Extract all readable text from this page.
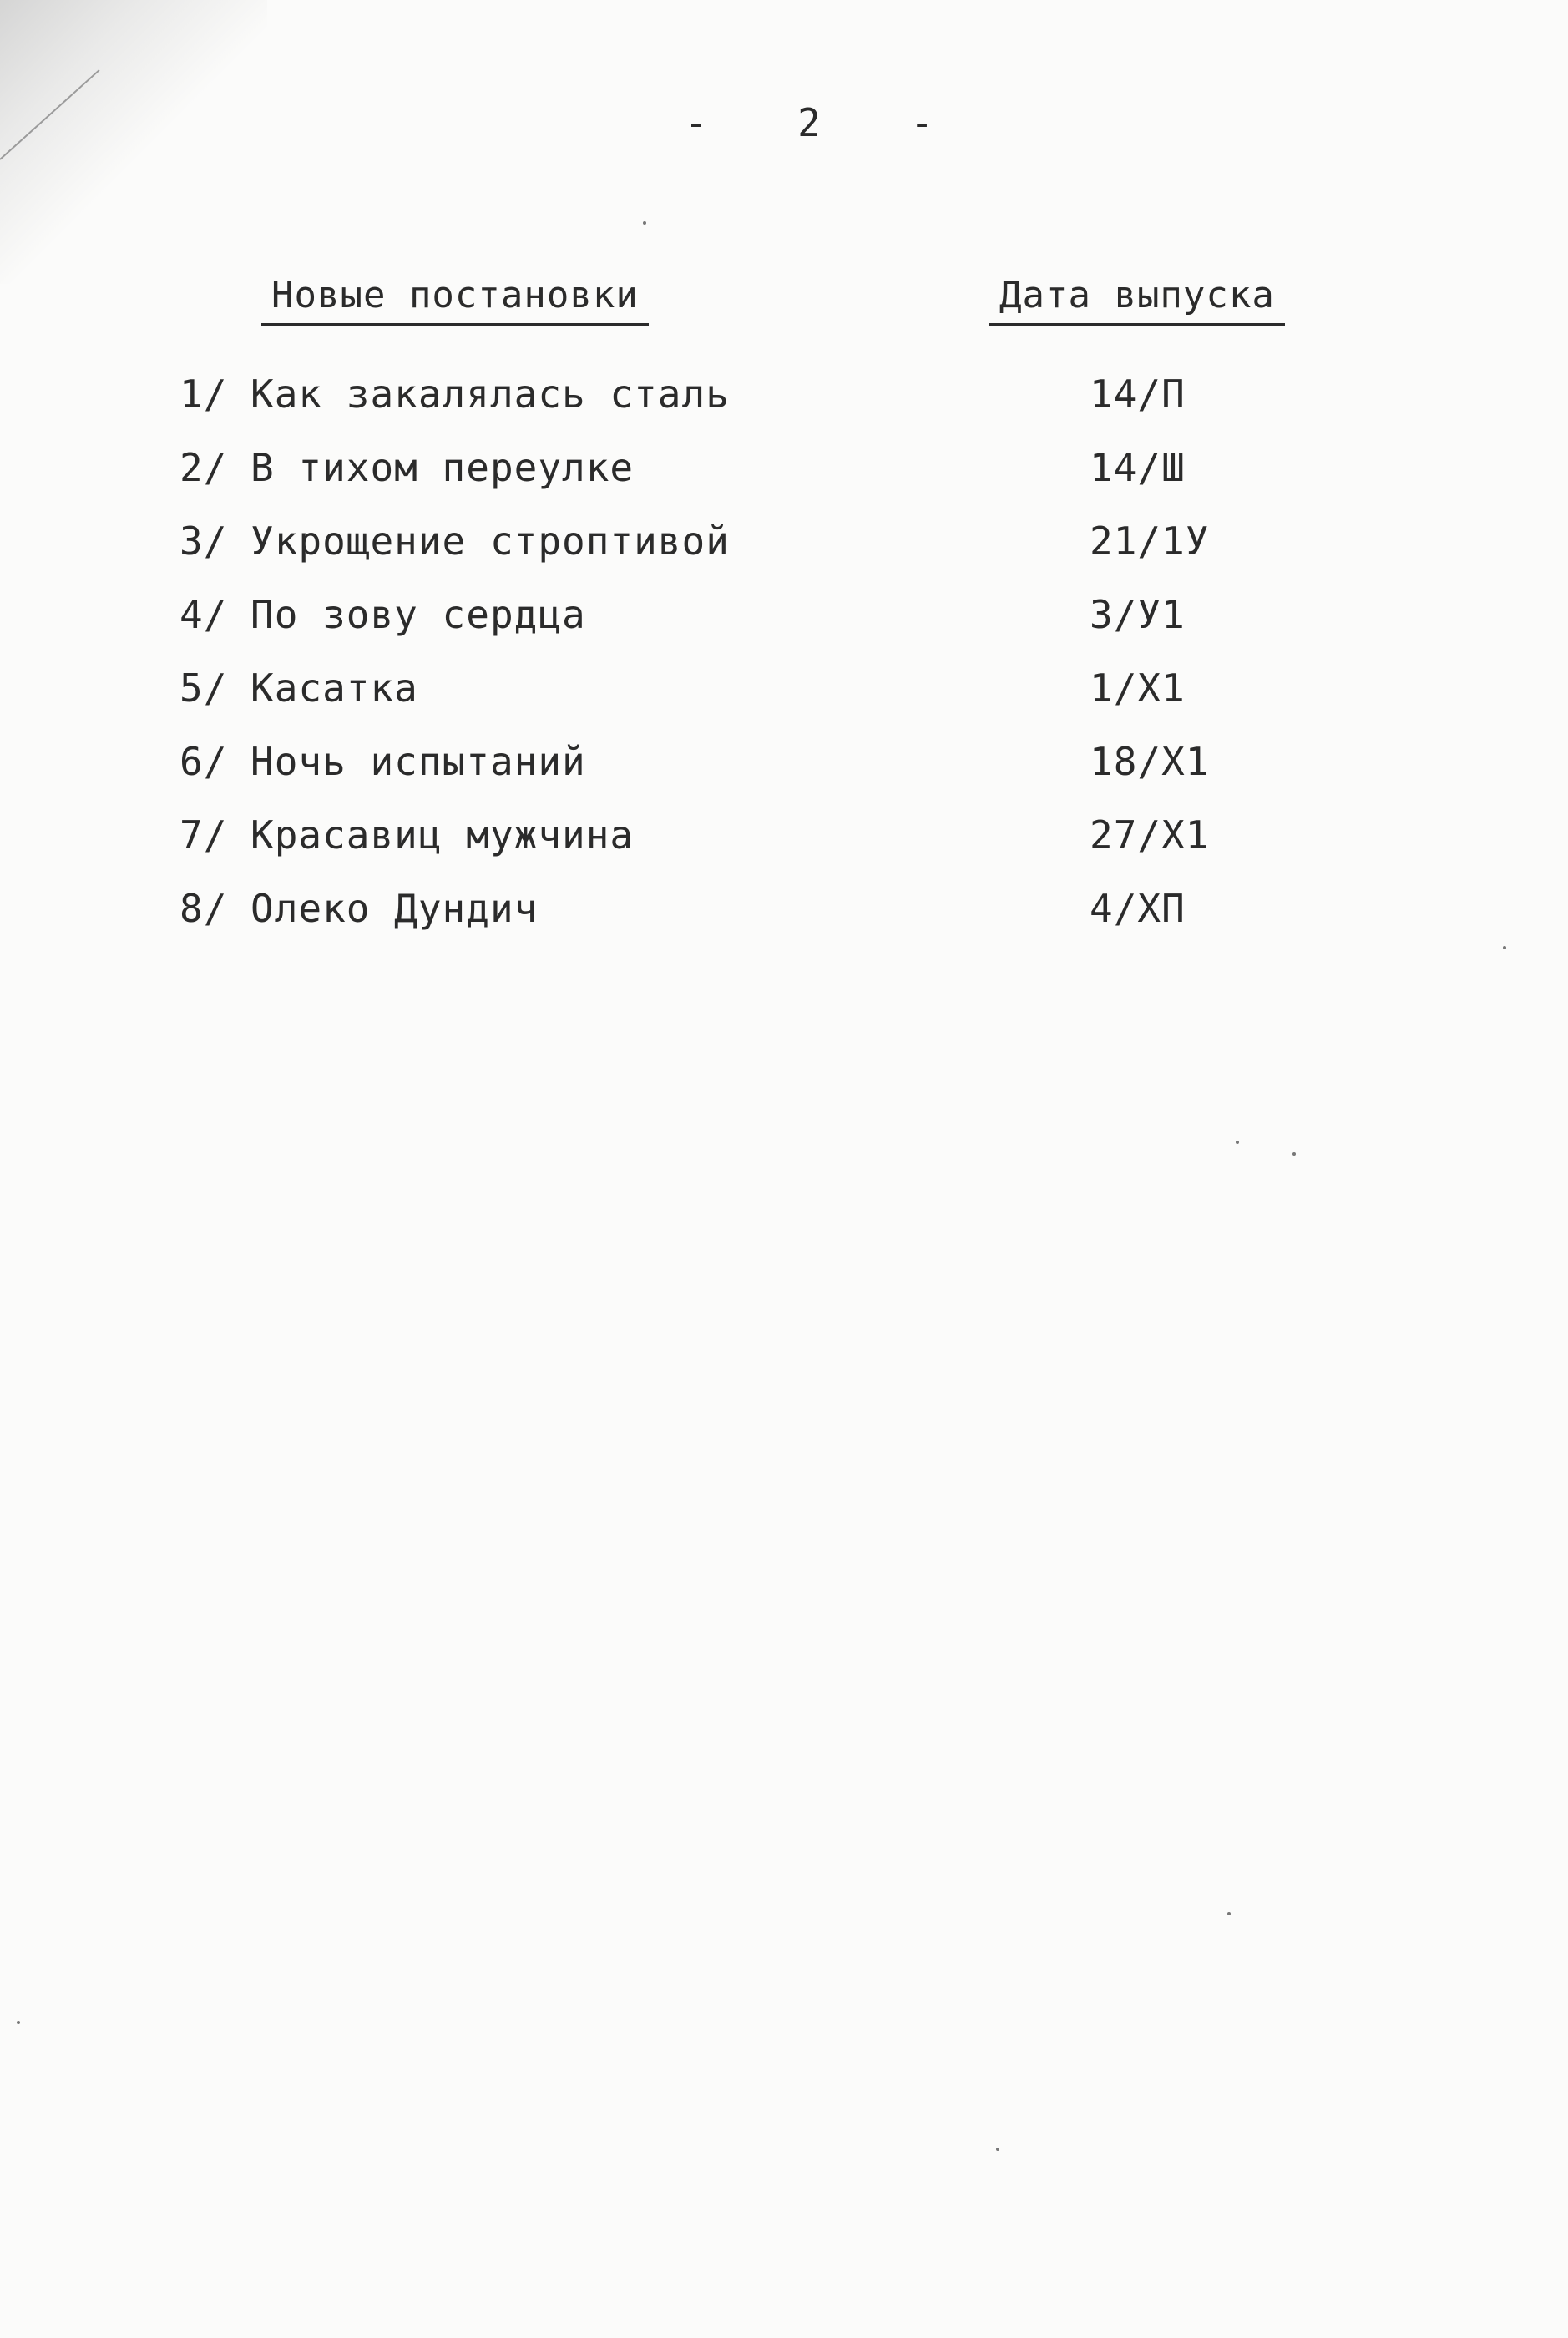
- 2 -
Новые постановки	Дата выпуска
1/ Как закалялась сталь	14/П
2/ В тихом переулке	14/Ш
3/ Укрощение строптивой	21/1У
4/ По зову сердца	3/У1
5/ Касатка	1/Х1
6/ Ночь испытаний	18/Х1
7/ Красавиц мужчина	27/Х1
8/ Олеко Дундич	4/ХП
